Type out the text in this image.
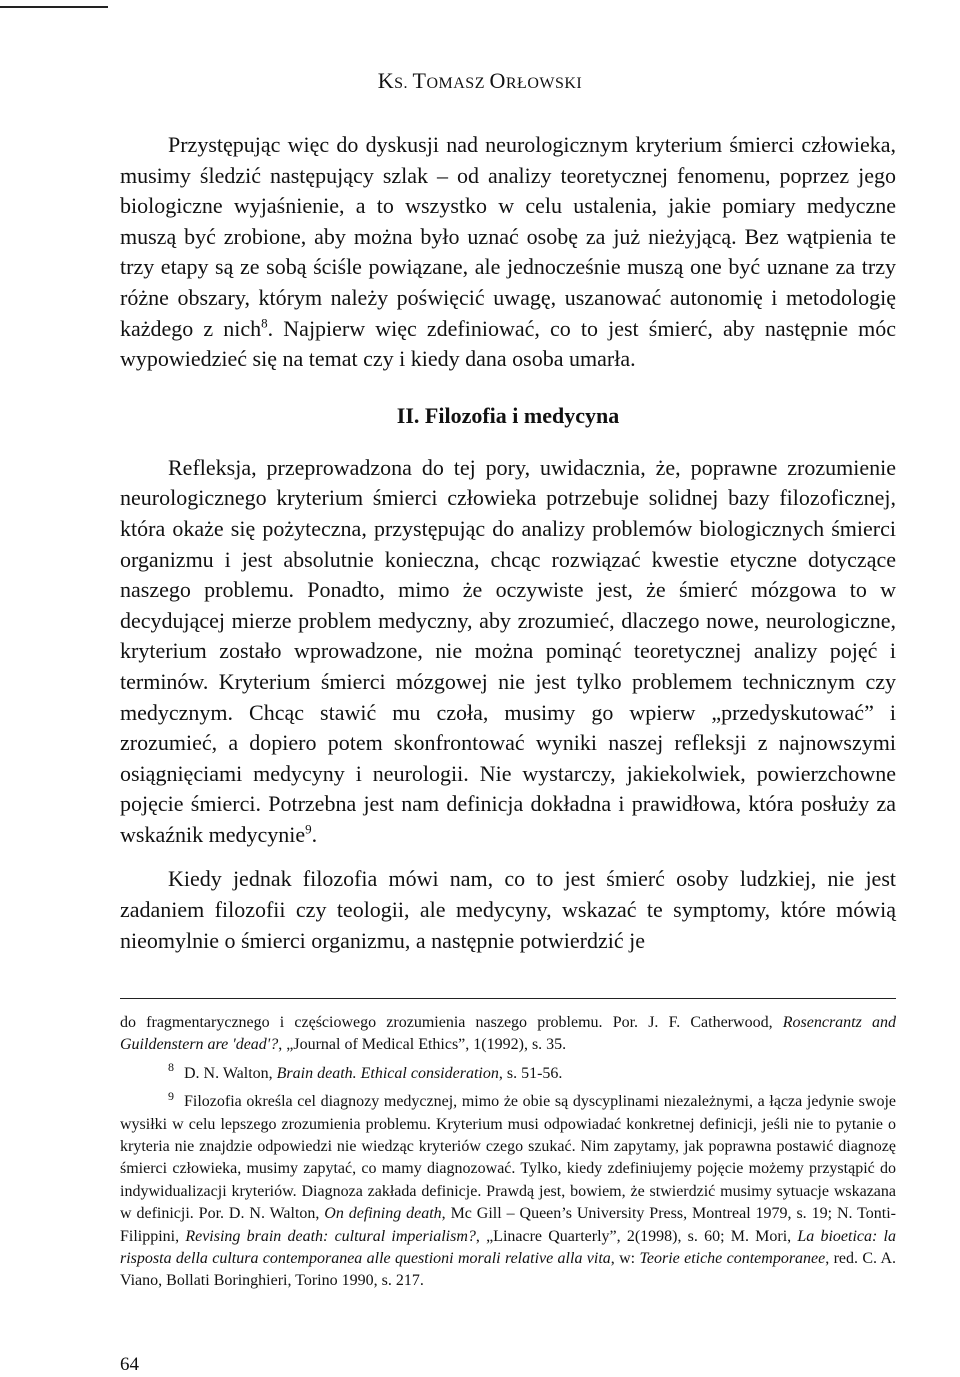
KS. TOMASZ ORŁOWSKI

Przystępując więc do dyskusji nad neurologicznym kryterium śmierci człowieka, musimy śledzić następujący szlak – od analizy teoretycznej fenomenu, poprzez jego biologiczne wyjaśnienie, a to wszystko w celu ustalenia, jakie pomiary medyczne muszą być zrobione, aby można było uznać osobę za już nieżyjącą. Bez wątpienia te trzy etapy są ze sobą ściśle powiązane, ale jednocześnie muszą one być uznane za trzy różne obszary, którym należy poświęcić uwagę, uszanować autonomię i metodologię każdego z nich$^8$. Najpierw więc zdefiniować, co to jest śmierć, aby następnie móc wypowiedzieć się na temat czy i kiedy dana osoba umarła.

II. Filozofia i medycyna

Refleksja, przeprowadzona do tej pory, uwidacznia, że, poprawne zrozumienie neurologicznego kryterium śmierci człowieka potrzebuje solidnej bazy filozoficznej, która okaże się pożyteczna, przystępując do analizy problemów biologicznych śmierci organizmu i jest absolutnie konieczna, chcąc rozwiązać kwestie etyczne dotyczące naszego problemu. Ponadto, mimo że oczywiste jest, że śmierć mózgowa to w decydującej mierze problem medyczny, aby zrozumieć, dlaczego nowe, neurologiczne, kryterium zostało wprowadzone, nie można pominąć teoretycznej analizy pojęć i terminów. Kryterium śmierci mózgowej nie jest tylko problemem technicznym czy medycznym. Chcąc stawić mu czoła, musimy go wpierw „przedyskutować” i zrozumieć, a dopiero potem skonfrontować wyniki naszej refleksji z najnowszymi osiągnięciami medycyny i neurologii. Nie wystarczy, jakiekolwiek, powierzchowne pojęcie śmierci. Potrzebna jest nam definicja dokładna i prawidłowa, która posłuży za wskaźnik medycynie$^9$.

Kiedy jednak filozofia mówi nam, co to jest śmierć osoby ludzkiej, nie jest zadaniem filozofii czy teologii, ale medycyny, wskazać te symptomy, które mówią nieomylnie o śmierci organizmu, a następnie potwierdzić je

do fragmentarycznego i częściowego zrozumienia naszego problemu. Por. J. F. Catherwood, Rosencrantz and Guildenstern are 'dead'?, „Journal of Medical Ethics”, 1(1992), s. 35.

$^8$ D. N. Walton, Brain death. Ethical consideration, s. 51-56.

$^9$ Filozofia określa cel diagnozy medycznej, mimo że obie są dyscyplinami niezależnymi, a łącza jedynie swoje wysiłki w celu lepszego zrozumienia problemu. Kryterium musi odpowiadać konkretnej definicji, jeśli nie to pytanie o kryteria nie znajdzie odpowiedzi nie wiedząc kryteriów czego szukać. Nim zapytamy, jak poprawna postawić diagnozę śmierci człowieka, musimy zapytać, co mamy diagnozować. Tylko, kiedy zdefiniujemy pojęcie możemy przystąpić do indywidualizacji kryteriów. Diagnoza zakłada definicje. Prawdą jest, bowiem, że stwierdzić musimy sytuacje wskazana w definicji. Por. D. N. Walton, On defining death, Mc Gill – Queen’s University Press, Montreal 1979, s. 19; N. Tonti-Filippini, Revising brain death: cultural imperialism?, „Linacre Quarterly”, 2(1998), s. 60; M. Mori, La bioetica: la risposta della cultura contemporanea alle questioni morali relative alla vita, w: Teorie etiche contemporanee, red. C. A. Viano, Bollati Boringhieri, Torino 1990, s. 217.

64
